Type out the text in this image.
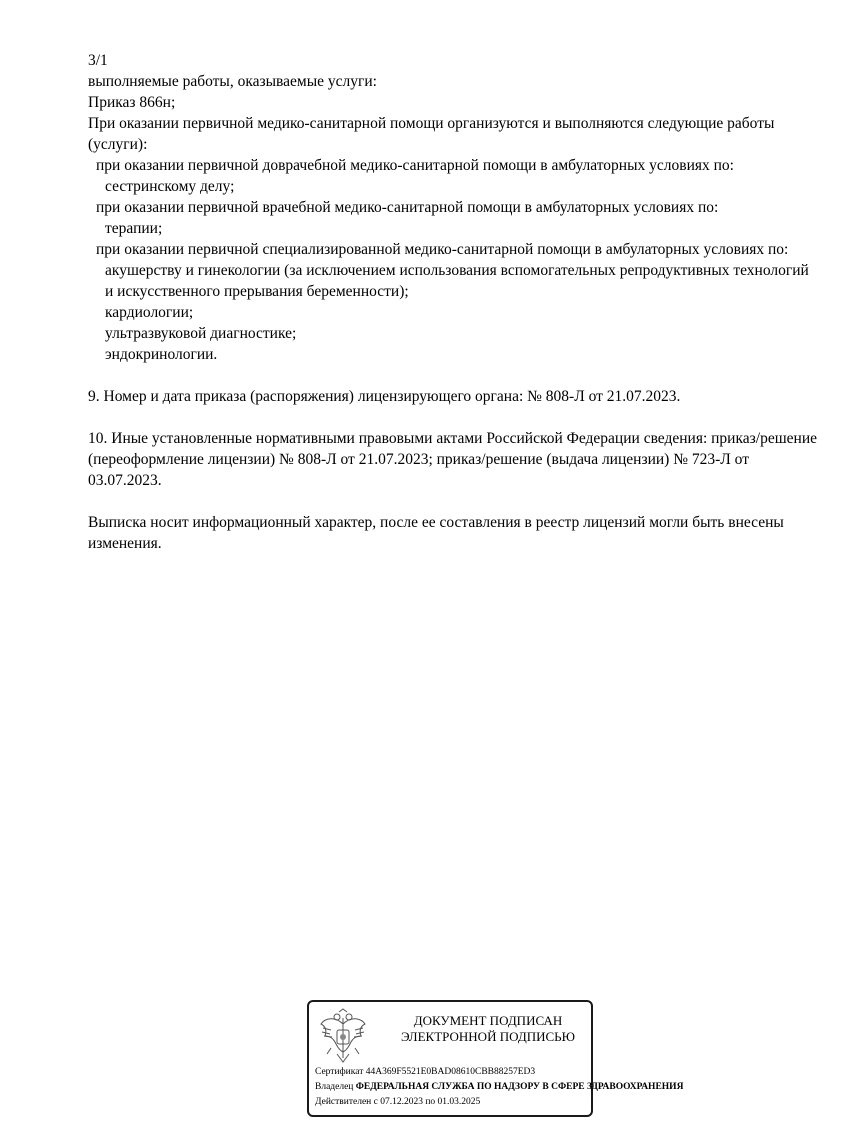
3/1
выполняемые работы, оказываемые услуги:
Приказ 866н;
При оказании первичной медико-санитарной помощи организуются и выполняются следующие работы (услуги):
при оказании первичной доврачебной медико-санитарной помощи в амбулаторных условиях по:
сестринскому делу;
при оказании первичной врачебной медико-санитарной помощи в амбулаторных условиях по:
терапии;
при оказании первичной специализированной медико-санитарной помощи в амбулаторных условиях по:
акушерству и гинекологии (за исключением использования вспомогательных репродуктивных технологий и искусственного прерывания беременности);
кардиологии;
ультразвуковой диагностике;
эндокринологии.
9. Номер и дата приказа (распоряжения) лицензирующего органа: № 808-Л от 21.07.2023.
10. Иные установленные нормативными правовыми актами Российской Федерации сведения: приказ/решение (переоформление лицензии) № 808-Л от 21.07.2023; приказ/решение (выдача лицензии) № 723-Л от 03.07.2023.
Выписка носит информационный характер, после ее составления в реестр лицензий могли быть внесены изменения.
ДОКУМЕНТ ПОДПИСАН
ЭЛЕКТРОННОЙ ПОДПИСЬЮ
Сертификат 44A369F5521E0BAD08610CBB88257ED3
Владелец ФЕДЕРАЛЬНАЯ СЛУЖБА ПО НАДЗОРУ В СФЕРЕ ЗДРАВООХРАНЕНИЯ
Действителен с 07.12.2023 по 01.03.2025
